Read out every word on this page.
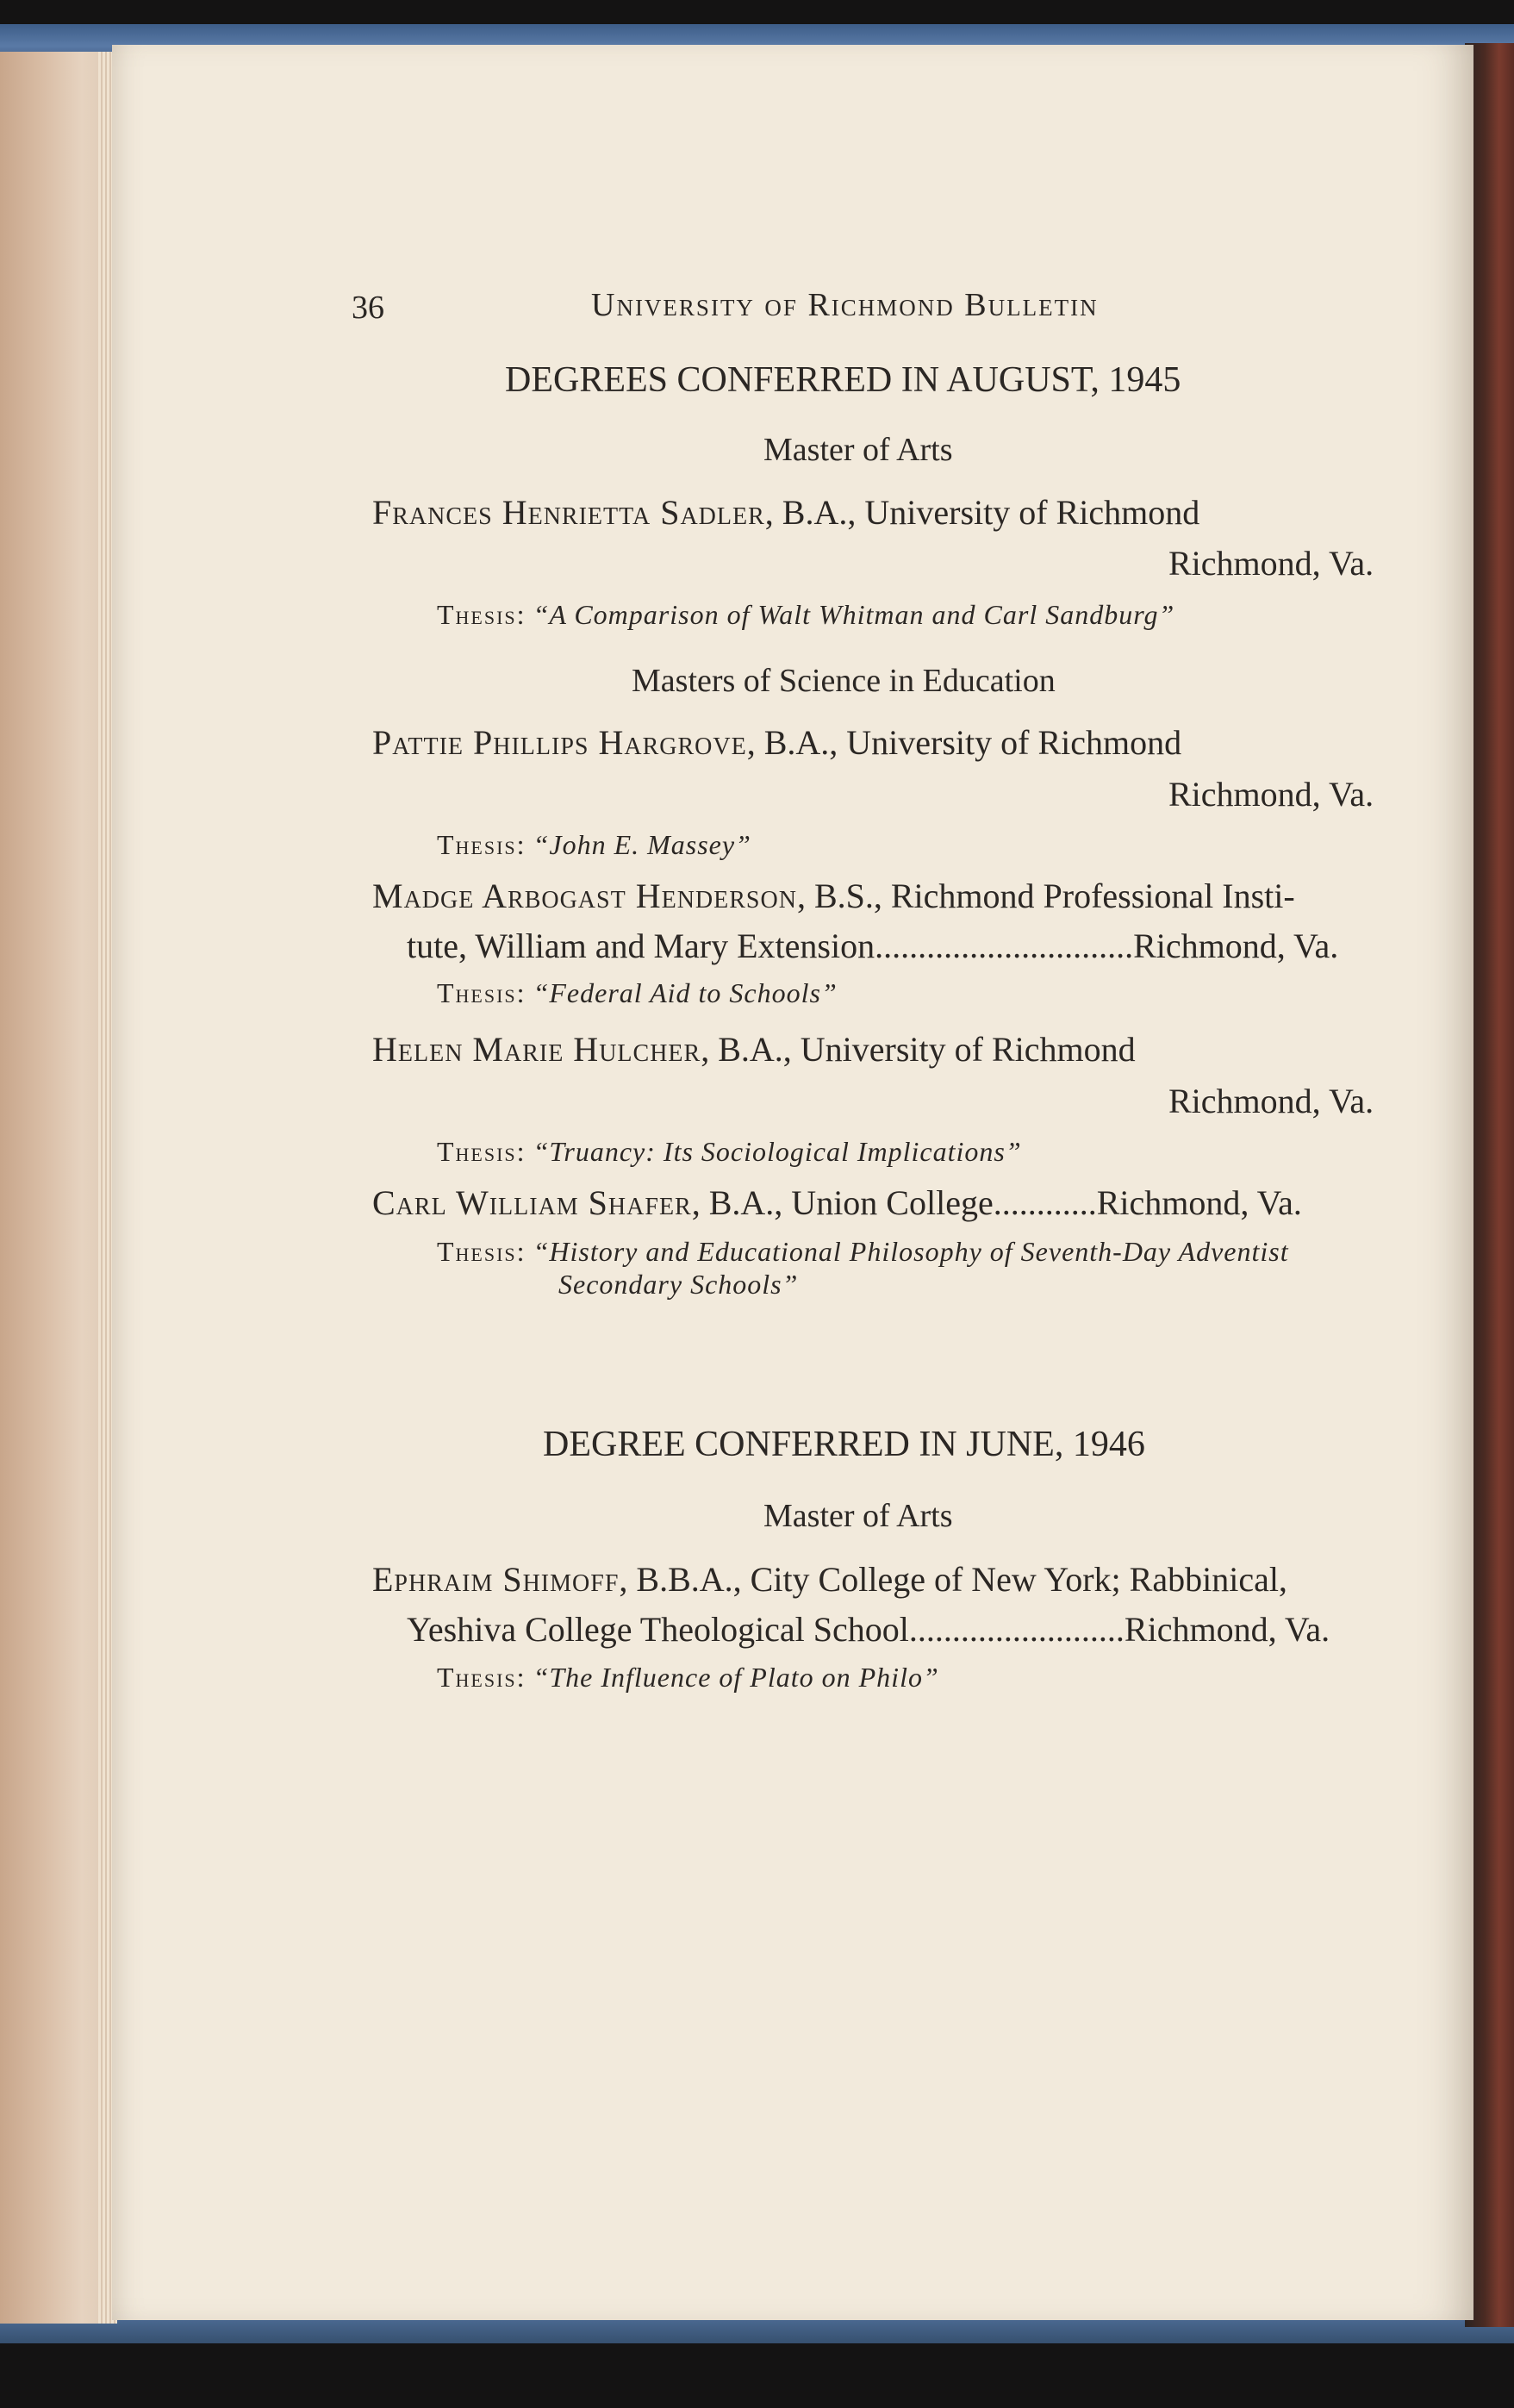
36	University of Richmond Bulletin
DEGREES CONFERRED IN AUGUST, 1945
Master of Arts
Frances Henrietta Sadler, B.A., University of Richmond
Richmond, Va.
Thesis: “A Comparison of Walt Whitman and Carl Sandburg”
Masters of Science in Education
Pattie Phillips Hargrove, B.A., University of Richmond
Richmond, Va.
Thesis: “John E. Massey”
Madge Arbogast Henderson, B.S., Richmond Professional Insti-
tute, William and Mary Extension..............................Richmond, Va.
Thesis: “Federal Aid to Schools”
Helen Marie Hulcher, B.A., University of Richmond
Richmond, Va.
Thesis: “Truancy: Its Sociological Implications”
Carl William Shafer, B.A., Union College............Richmond, Va.
Thesis: “History and Educational Philosophy of Seventh-Day Adventist
Secondary Schools”
DEGREE CONFERRED IN JUNE, 1946
Master of Arts
Ephraim Shimoff, B.B.A., City College of New York; Rabbinical,
Yeshiva College Theological School.........................Richmond, Va.
Thesis: “The Influence of Plato on Philo”
